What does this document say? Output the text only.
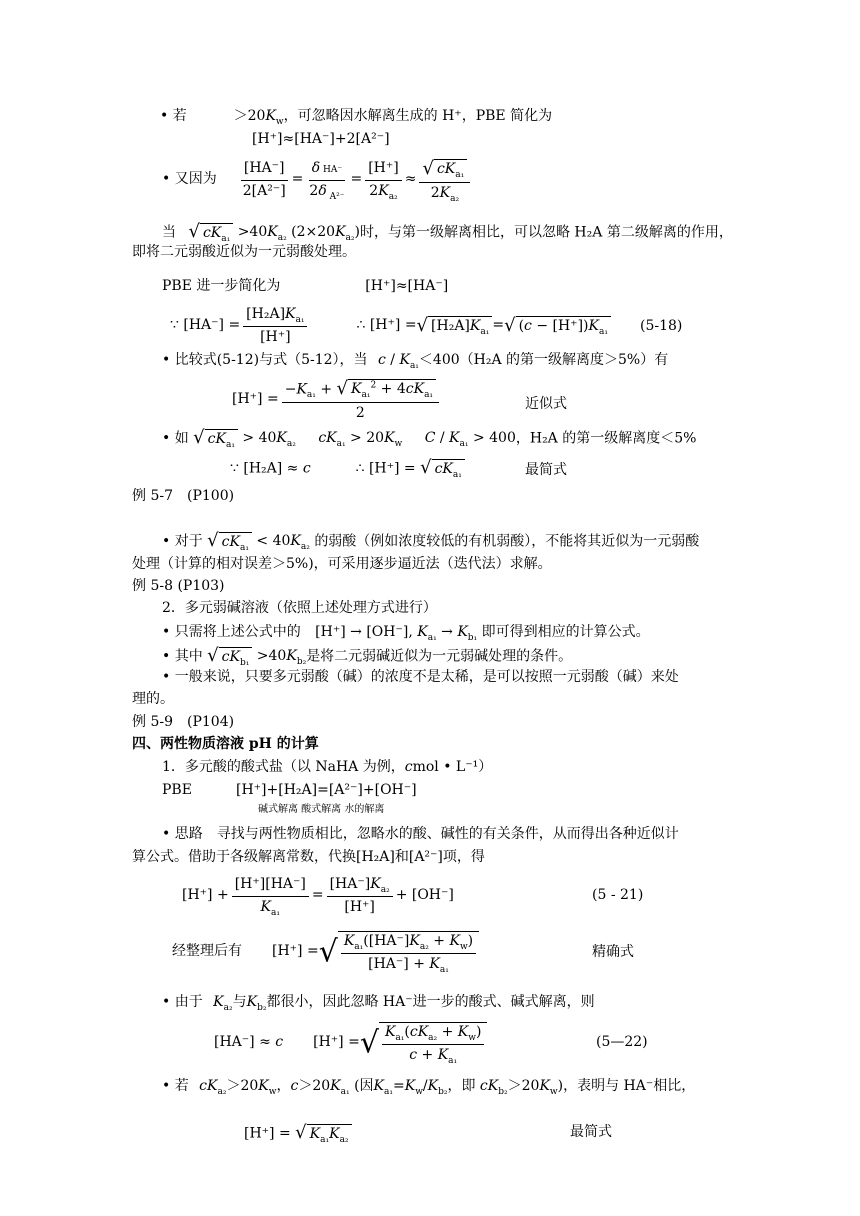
• 若	$>20K_w$，可忽略因水解离生成的 H⁺，PBE 简化为
[H⁺]≈[HA⁻]+2[A²⁻]
• 又因为 $\frac{[HA^-]}{\text{2[A²⁻]}} = \frac{\text{δ HA⁻}}{2\delta _{A^{2-}}} = \frac{[H^+]}{2K_{a_2}} \approx \frac{√ cK_{a_1}}{2K_{a_2}}$
当 √ $cK_{a_1} >40K_{a_2}$ $(2\times 20K_{a_2})$时，与第一级解离相比，可以忽略 H₂A 第二级解离的作用，
即将二元弱酸近似为一元弱酸处理。
PBE 进一步简化为	[H⁺]≈[HA⁻]
∵ $[HA^-] = \frac{[H_2A]K_{a_1}}{[H^+]}$	∴ [H⁺] = √ $[H_2A]K_{a_1}$ = √ $(c - [H^+])K_{a_1}$ (5-18)
• 比较式(5-12)与式（5-12），当 $c / K_{a_1}<400(H_2A$ 的第一级解离度＞5%）有
$[H^+] = \frac{-K_{a_1} + √ K_{a_1}^2 + 4cK_{a_1}}{2}$	近似式
• 如 √ $cK_{a_1} > 40K_{a_2}$ $cK_{a_1} > 20K_w$ $C / K_{a_1} > 400$，H₂A 的第一级解离度＜5%
∵ [H₂A] ≈ c	∴ [H⁺] = √ $cK_{a_1}$	最简式
例 5-7　(P100)
• 对于 √ $cK_{a_1} < 40K_{a_2}$ 的弱酸（例如浓度较低的有机弱酸），不能将其近似为一元弱酸
处理（计算的相对误差＞5%)，可采用逐步逼近法（迭代法）求解。
例 5-8 (P103)
2．多元弱碱溶液（依照上述处理方式进行）
• 只需将上述公式中的 [H⁺] → [OH⁻], $K_{a_1} \to K_{b_1}$ 即可得到相应的计算公式。
• 其中 √ $cK_{b_1} >40K_{b_2}$是将二元弱碱近似为一元弱碱处理的条件。
• 一般来说，只要多元弱酸（碱）的浓度不是太稀，是可以按照一元弱酸（碱）来处
理的。
例 5-9　(P104)
四、两性物质溶液 pH 的计算
1．多元酸的酸式盐（以 NaHA 为例，cmol • L⁻¹）
PBE	[H⁺]+[H₂A]=[A²⁻]+[OH⁻]
碱式解离 酸式解离 水的解离
• 思路　寻找与两性物质相比，忽略水的酸、碱性的有关条件，从而得出各种近似计
算公式。借助于各级解离常数，代换[H₂A]和[A²⁻]项，得
$[H^+] + \frac{[H^+][HA^-]}{K_{a_1}} = \frac{[HA^-]K_{a_2}}{[H^+]} + [OH^-]$	(5 - 21)
经整理后有 [H⁺] = √ $\frac{K_{a_1}([HA^-]K_{a_2} + K_w)}{[HA^-] + K_{a_1}}$	精确式
• 由于 $K_{a_2}$与$K_{b_2}$都很小，因此忽略 HA⁻进一步的酸式、碱式解离，则
[HA⁻] ≈ c [H⁺] = √ $\frac{K_{a_1}(cK_{a_2} + K_w)}{c + K_{a_1}}$	(5—22)
• 若 $cK_{a_2}>20K_w$，$c>20K_{a_1}$ (因$K_{a_1}=K_w/K_{b_2}$，即 $cK_{b_2}>20K_w$)，表明与 HA⁻相比，
[H⁺] = √ $K_{a_1}K_{a_2}$	最简式
